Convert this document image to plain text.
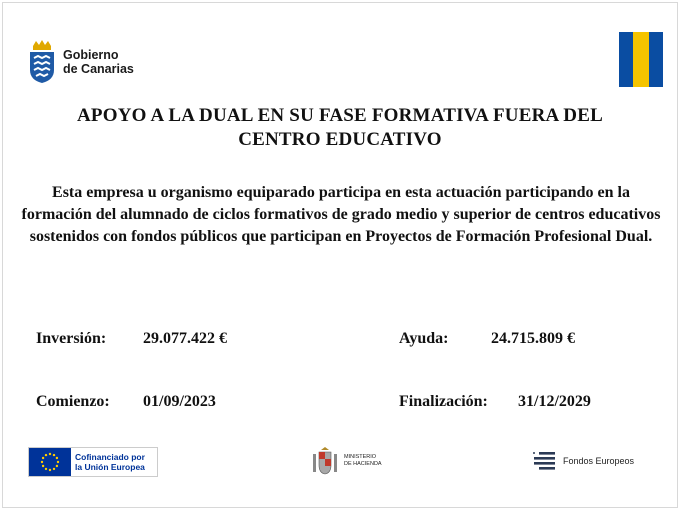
Gobierno
de Canarias
APOYO A LA DUAL EN SU FASE FORMATIVA FUERA DEL
CENTRO EDUCATIVO
Esta empresa u organismo equiparado participa en esta actuación participando en la formación del alumnado de ciclos formativos de grado medio y superior de centros educativos sostenidos con fondos públicos que participan en Proyectos de Formación Profesional Dual.
Inversión: 29.077.422 €	Ayuda:	24.715.809 €
Comienzo: 01/09/2023	Finalización: 31/12/2029
Cofinanciado por
la Unión Europea
MINISTERIO
DE HACIENDA	Fondos Europeos
